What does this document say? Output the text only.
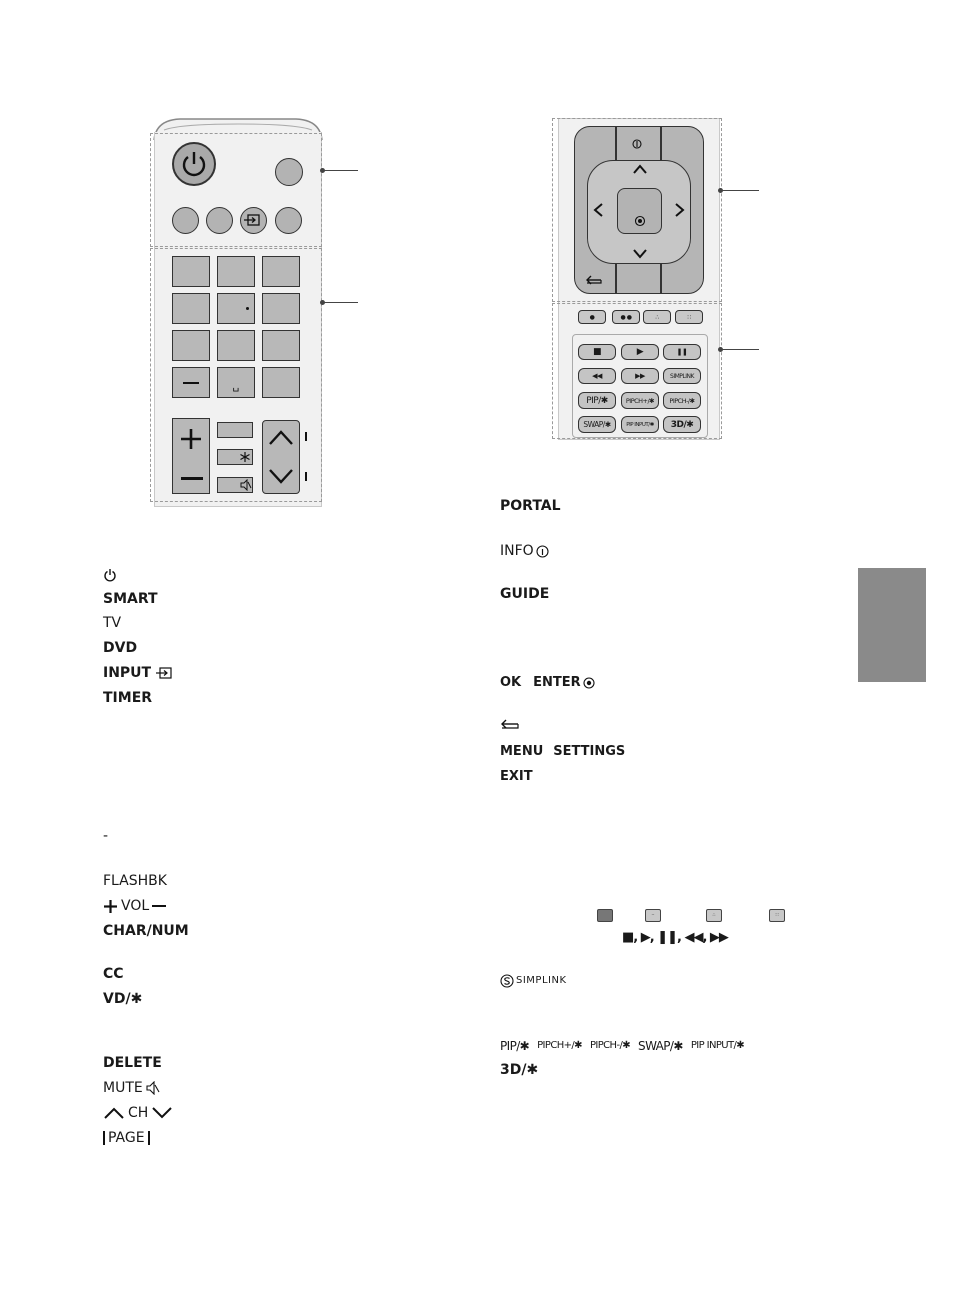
␣
●	● ●	∴	∷
■	▶	❚❚
◀◀	▶▶	SIMPLINK
PIP/✱	PIPCH+/✱	PIPCH-/✱
SWAP/✱	PIP INPUT/✱	3D/✱
SMART
TV
DVD
INPUT
TIMER
-
FLASHBK
VOL
CHAR/NUM
CC
VD/✱
DELETE
MUTE
CH
PAGE
PORTAL
INFO
GUIDE
OK ENTER
MENU SETTINGS
EXIT
··	∴	∷
■, ▶, ❚❚, ◀◀, ▶▶
SIMPLINK
PIP/✱ PIPCH+/✱ PIPCH-/✱ SWAP/✱ PIP INPUT/✱
3D/✱
